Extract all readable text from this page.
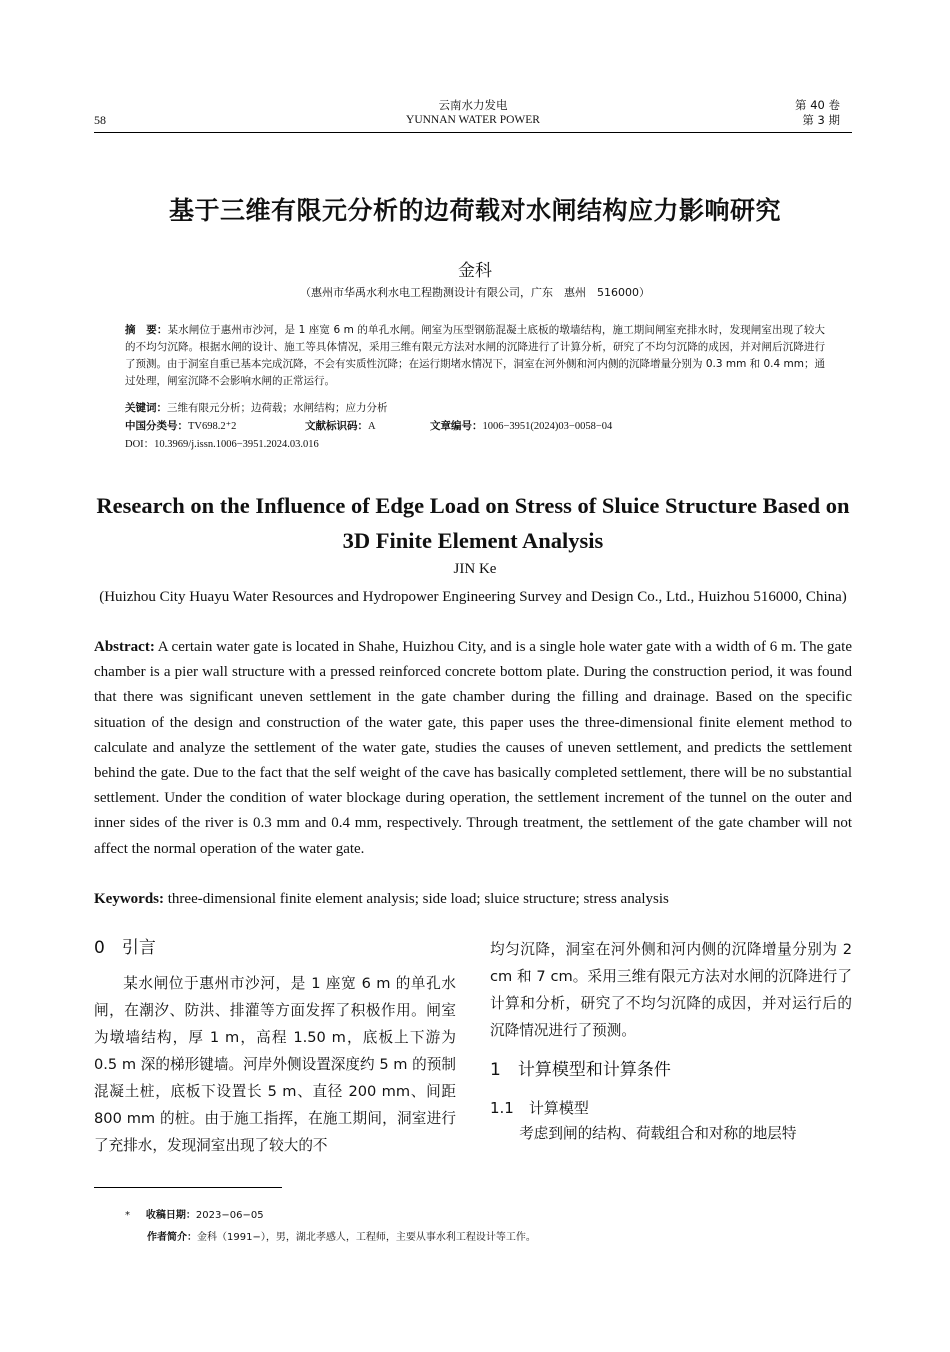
58
云南水力发电
YUNNAN WATER POWER
第 40 卷
第 3 期
基于三维有限元分析的边荷载对水闸结构应力影响研究
金科
（惠州市华禹水利水电工程勘测设计有限公司，广东　惠州　516000）
摘　要：某水闸位于惠州市沙河，是 1 座宽 6 m 的单孔水闸。闸室为压型钢筋混凝土底板的墩墙结构，施工期间闸室充排水时，发现闸室出现了较大的不均匀沉降。根据水闸的设计、施工等具体情况，采用三维有限元方法对水闸的沉降进行了计算分析，研究了不均匀沉降的成因，并对闸后沉降进行了预测。由于洞室自重已基本完成沉降，不会有实质性沉降；在运行期堵水情况下，洞室在河外侧和河内侧的沉降增量分别为 0.3 mm 和 0.4 mm；通过处理，闸室沉降不会影响水闸的正常运行。
关键词：三维有限元分析；边荷载；水闸结构；应力分析
中国分类号：TV698.2⁺2	文献标识码：A	文章编号：1006−3951(2024)03−0058−04
DOI：10.3969/j.issn.1006−3951.2024.03.016
Research on the Influence of Edge Load on Stress of Sluice Structure Based on 3D Finite Element Analysis
JIN Ke
(Huizhou City Huayu Water Resources and Hydropower Engineering Survey and Design Co., Ltd., Huizhou 516000, China)
Abstract: A certain water gate is located in Shahe, Huizhou City, and is a single hole water gate with a width of 6 m. The gate chamber is a pier wall structure with a pressed reinforced concrete bottom plate. During the construction period, it was found that there was significant uneven settlement in the gate chamber during the filling and drainage. Based on the specific situation of the design and construction of the water gate, this paper uses the three-dimensional finite element method to calculate and analyze the settlement of the water gate, studies the causes of uneven settlement, and predicts the settlement behind the gate. Due to the fact that the self weight of the cave has basically completed settlement, there will be no substantial settlement. Under the condition of water blockage during operation, the settlement increment of the tunnel on the outer and inner sides of the river is 0.3 mm and 0.4 mm, respectively. Through treatment, the settlement of the gate chamber will not affect the normal operation of the water gate.
Keywords: three-dimensional finite element analysis; side load; sluice structure; stress analysis

0　引言

某水闸位于惠州市沙河，是 1 座宽 6 m 的单孔水闸，在潮汐、防洪、排灌等方面发挥了积极作用。闸室为墩墙结构，厚 1 m，高程 1.50 m，底板上下游为 0.5 m 深的梯形键墙。河岸外侧设置深度约 5 m 的预制混凝土桩，底板下设置长 5 m、直径 200 mm、间距 800 mm 的桩。由于施工指挥，在施工期间，洞室进行了充排水，发现洞室出现了较大的不

均匀沉降，洞室在河外侧和河内侧的沉降增量分别为 2 cm 和 7 cm。采用三维有限元方法对水闸的沉降进行了计算和分析，研究了不均匀沉降的成因，并对运行后的沉降情况进行了预测。

1　计算模型和计算条件

1.1　计算模型

考虑到闸的结构、荷载组合和对称的地层特

* 收稿日期：2023−06−05
作者简介：金科（1991−），男，湖北孝感人，工程师，主要从事水利工程设计等工作。
